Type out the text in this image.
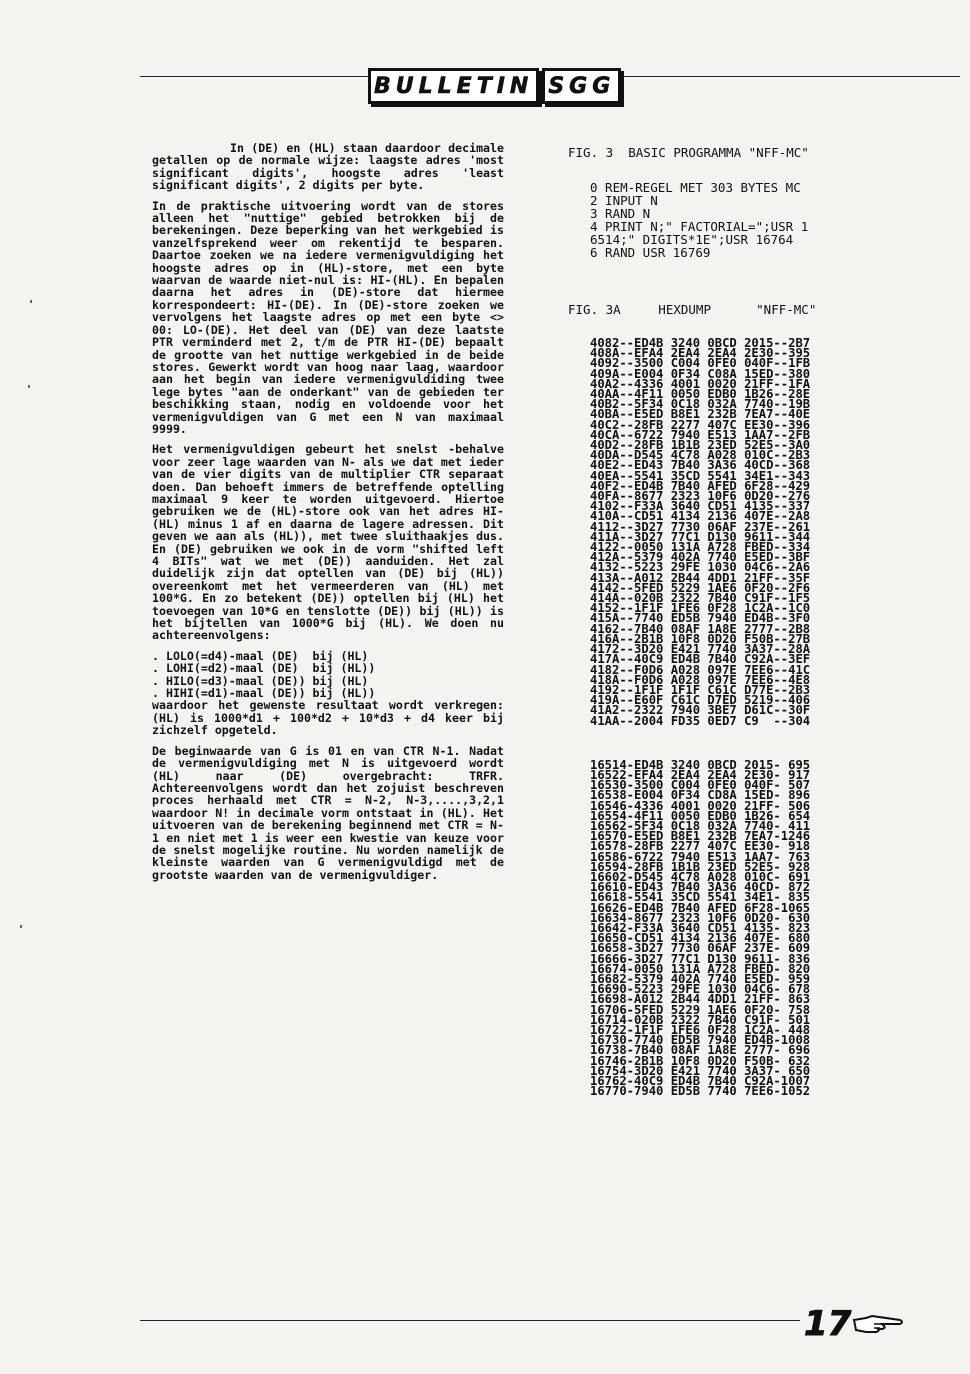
BULLETIN SGG

In (DE) en (HL) staan daardoor decimale getallen op de normale wijze: laagste adres 'most significant digits', hoogste adres 'least significant digits', 2 digits per byte.

In de praktische uitvoering wordt van de stores alleen het "nuttige" gebied betrokken bij de berekeningen. Deze beperking van het werkgebied is vanzelfsprekend weer om rekentijd te besparen. Daartoe zoeken we na iedere vermenigvuldiging het hoogste adres op in (HL)-store, met een byte waarvan de waarde niet-nul is: HI-(HL). En bepalen daarna het adres in (DE)-store dat hiermee korrespondeert: HI-(DE). In (DE)-store zoeken we vervolgens het laagste adres op met een byte <> 00: LO-(DE). Het deel van (DE) van deze laatste PTR verminderd met 2, t/m de PTR HI-(DE) bepaalt de grootte van het nuttige werkgebied in de beide stores. Gewerkt wordt van hoog naar laag, waardoor aan het begin van iedere vermenigvuldiding twee lege bytes "aan de onderkant" van de gebieden ter beschikking staan, nodig en voldoende voor het vermenigvuldigen van G met een N van maximaal 9999.

Het vermenigvuldigen gebeurt het snelst -behalve voor zeer lage waarden van N- als we dat met ieder van de vier digits van de multiplier CTR separaat doen. Dan behoeft immers de betreffende optelling maximaal 9 keer te worden uitgevoerd. Hiertoe gebruiken we de (HL)-store ook van het adres HI-(HL) minus 1 af en daarna de lagere adressen. Dit geven we aan als (HL)), met twee sluithaakjes dus. En (DE) gebruiken we ook in de vorm "shifted left 4 BITs" wat we met (DE)) aanduiden. Het zal duidelijk zijn dat optellen van (DE) bij (HL)) overeenkomt met het vermeerderen van (HL) met 100*G. En zo betekent (DE)) optellen bij (HL) het toevoegen van 10*G en tenslotte (DE)) bij (HL)) is het bijtellen van 1000*G bij (HL). We doen nu achtereenvolgens:

. LOLO(=d4)-maal (DE)  bij (HL)
. LOHI(=d2)-maal (DE)  bij (HL))
. HILO(=d3)-maal (DE)) bij (HL)
. HIHI(=d1)-maal (DE)) bij (HL))
waardoor het gewenste resultaat wordt verkregen: (HL) is 1000*d1 + 100*d2 + 10*d3 + d4 keer bij zichzelf opgeteld.

De beginwaarde van G is 01 en van CTR N-1. Nadat de vermenigvuldiging met N is uitgevoerd wordt (HL) naar (DE) overgebracht: TRFR. Achtereenvolgens wordt dan het zojuist beschreven proces herhaald met CTR = N-2, N-3,....,3,2,1 waardoor N! in decimale vorm ontstaat in (HL). Het uitvoeren van de berekening beginnend met CTR = N-1 en niet met 1 is weer een kwestie van keuze voor de snelst mogelijke routine. Nu worden namelijk de kleinste waarden van G vermenigvuldigd met de grootste waarden van de vermenigvuldiger.

FIG. 3  BASIC PROGRAMMA "NFF-MC"
0 REM-REGEL MET 303 BYTES MC
2 INPUT N
3 RAND N
4 PRINT N;" FACTORIAL=";USR 1
6514;" DIGITS*1E";USR 16764
6 RAND USR 16769
FIG. 3A     HEXDUMP      "NFF-MC"
4082--ED4B 3240 0BCD 2015--2B7
408A--EFA4 2EA4 2EA4 2E30--395
4092--3500 C004 0FE0 040F--1FB
409A--E004 0F34 C08A 15ED--380
40A2--4336 4001 0020 21FF--1FA
40AA--4F11 0050 EDB0 1B26--28E
40B2--5F34 0C18 032A 7740--19B
40BA--E5ED B8E1 232B 7EA7--40E
40C2--28FB 2277 407C EE30--396
40CA--6722 7940 E513 1AA7--2FB
40D2--28FB 1B1B 23ED 52E5--3A0
40DA--D545 4C78 A028 010C--2B3
40E2--ED43 7B40 3A36 40CD--368
40EA--5541 35CD 5541 34E1--343
40F2--ED4B 7B40 AFED 6F28--429
40FA--8677 2323 10F6 0D20--276
4102--F33A 3640 CD51 4135--337
410A--CD51 4134 2136 407E--2A8
4112--3D27 7730 06AF 237E--261
411A--3D27 77C1 D130 9611--344
4122--0050 131A A728 FBED--334
412A--5379 402A 7740 E5ED--3BF
4132--5223 29FE 1030 04C6--2A6
413A--A012 2B44 4DD1 21FF--35F
4142--5FED 5229 1AE6 0F20--2F6
414A--020B 2322 7B40 C91F--1F5
4152--1F1F 1FE6 0F28 1C2A--1C0
415A--7740 ED5B 7940 ED4B--3F0
4162--7B40 08AF 1A8E 2777--2B8
416A--2B1B 10F8 0D20 F50B--27B
4172--3D20 E421 7740 3A37--28A
417A--40C9 ED4B 7B40 C92A--3EF
4182--F0D6 A028 097E 7EE6--41C
418A--F0D6 A028 097E 7EE6--4E8
4192--1F1F 1F1F C61C D77E--2B3
419A--E60F C61C D7ED 5219--406
41A2--2322 7940 3BE7 D61C--30F
41AA--2004 FD35 0ED7 C9  --304
16514-ED4B 3240 0BCD 2015- 695
16522-EFA4 2EA4 2EA4 2E30- 917
16530-3500 C004 0FE0 040F- 507
16538-E004 0F34 CD8A 15ED- 896
16546-4336 4001 0020 21FF- 506
16554-4F11 0050 EDB0 1B26- 654
16562-5F34 0C18 032A 7740- 411
16570-E5ED B8E1 232B 7EA7-1246
16578-28FB 2277 407C EE30- 918
16586-6722 7940 E513 1AA7- 763
16594-28FB 1B1B 23ED 52E5- 928
16602-D545 4C78 A028 010C- 691
16610-ED43 7B40 3A36 40CD- 872
16618-5541 35CD 5541 34E1- 835
16626-ED4B 7B40 AFED 6F28-1065
16634-8677 2323 10F6 0D20- 630
16642-F33A 3640 CD51 4135- 823
16650-CD51 4134 2136 407E- 680
16658-3D27 7730 06AF 237E- 609
16666-3D27 77C1 D130 9611- 836
16674-0050 131A A728 FBED- 820
16682-5379 402A 7740 E5ED- 959
16690-5223 29FE 1030 04C6- 678
16698-A012 2B44 4DD1 21FF- 863
16706-5FED 5229 1AE6 0F20- 758
16714-020B 2322 7B40 C91F- 501
16722-1F1F 1FE6 0F28 1C2A- 448
16730-7740 ED5B 7940 ED4B-1008
16738-7B40 08AF 1A8E 2777- 696
16746-2B1B 10F8 0D20 F50B- 632
16754-3D20 E421 7740 3A37- 650
16762-40C9 ED4B 7B40 C92A-1007
16770-7940 ED5B 7740 7EE6-1052
17
